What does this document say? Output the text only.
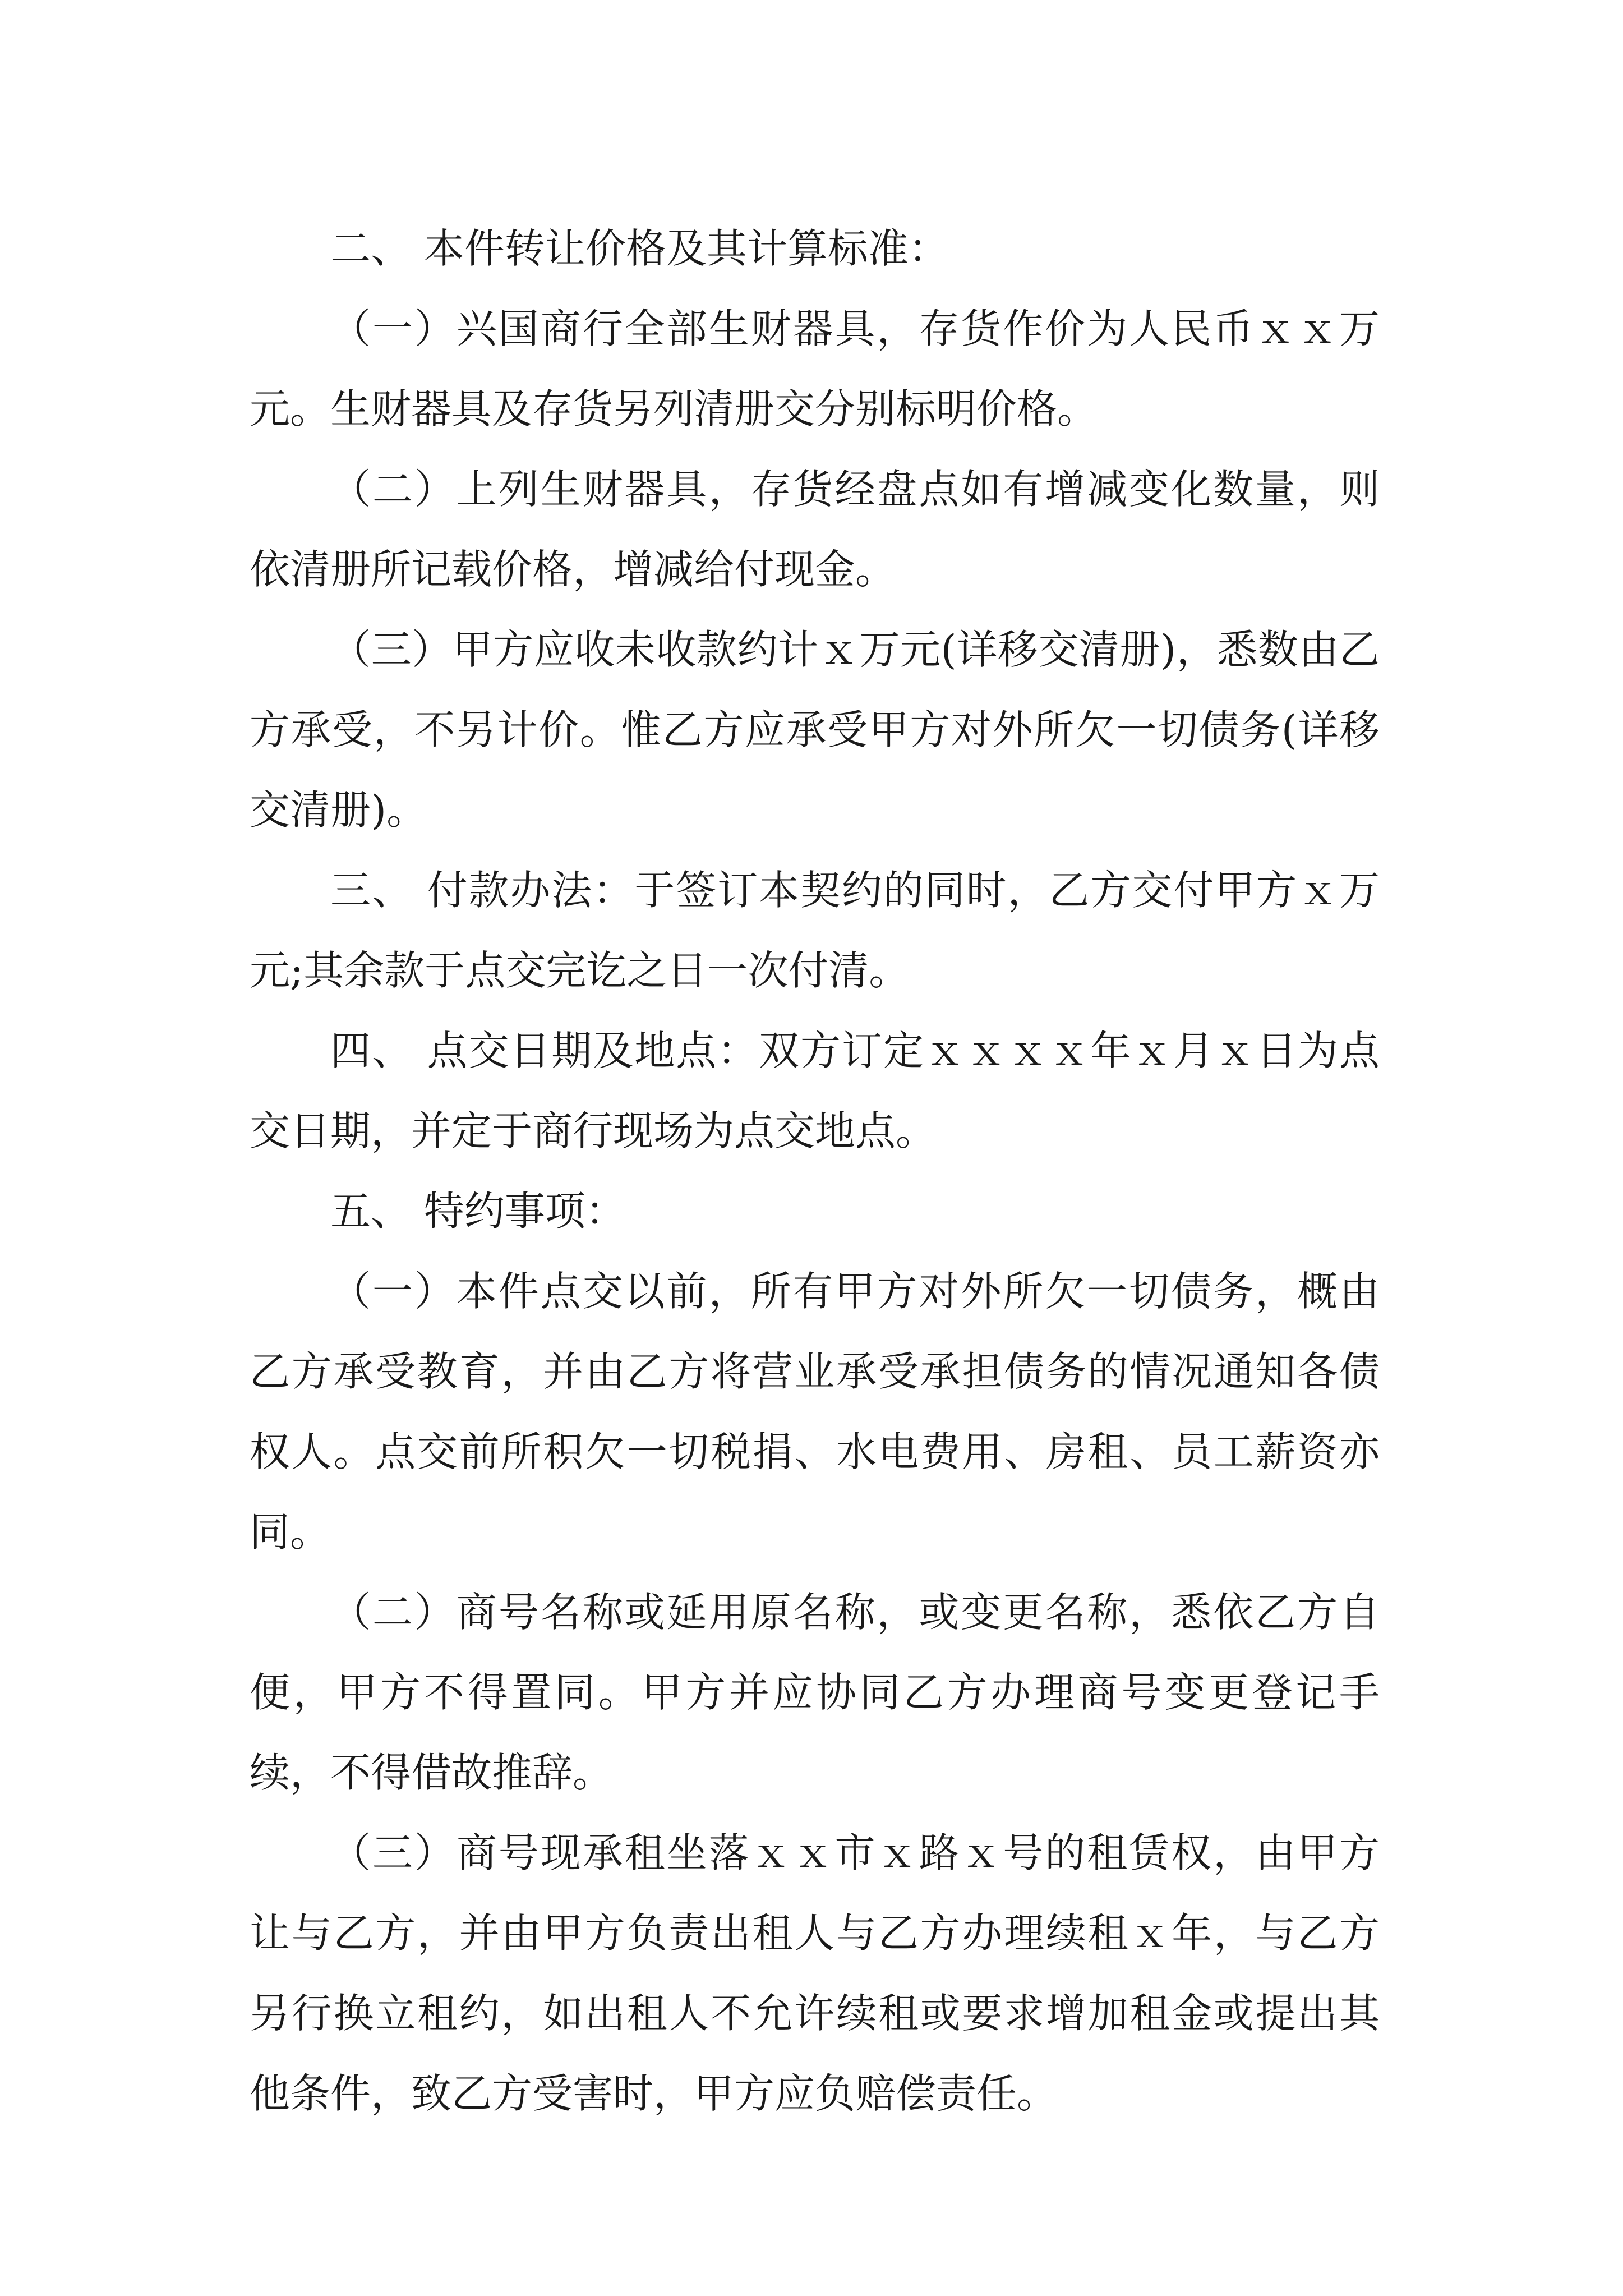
二、 本件转让价格及其计算标准：

（一）兴国商行全部生财器具，存货作价为人民币ｘｘ万元。生财器具及存货另列清册交分别标明价格。

（二）上列生财器具，存货经盘点如有增减变化数量，则依清册所记载价格，增减给付现金。

（三）甲方应收未收款约计ｘ万元(详移交清册)，悉数由乙方承受，不另计价。惟乙方应承受甲方对外所欠一切债务(详移交清册)。

三、 付款办法：于签订本契约的同时，乙方交付甲方ｘ万元;其余款于点交完讫之日一次付清。

四、 点交日期及地点：双方订定ｘｘｘｘ年ｘ月ｘ日为点交日期，并定于商行现场为点交地点。

五、 特约事项：

（一）本件点交以前，所有甲方对外所欠一切债务，概由乙方承受教育，并由乙方将营业承受承担债务的情况通知各债权人。点交前所积欠一切税捐、水电费用、房租、员工薪资亦同。

（二）商号名称或延用原名称，或变更名称，悉依乙方自便，甲方不得置同。甲方并应协同乙方办理商号变更登记手续，不得借故推辞。

（三）商号现承租坐落ｘｘ市ｘ路ｘ号的租赁权，由甲方让与乙方，并由甲方负责出租人与乙方办理续租ｘ年，与乙方另行换立租约，如出租人不允许续租或要求增加租金或提出其他条件，致乙方受害时，甲方应负赔偿责任。
